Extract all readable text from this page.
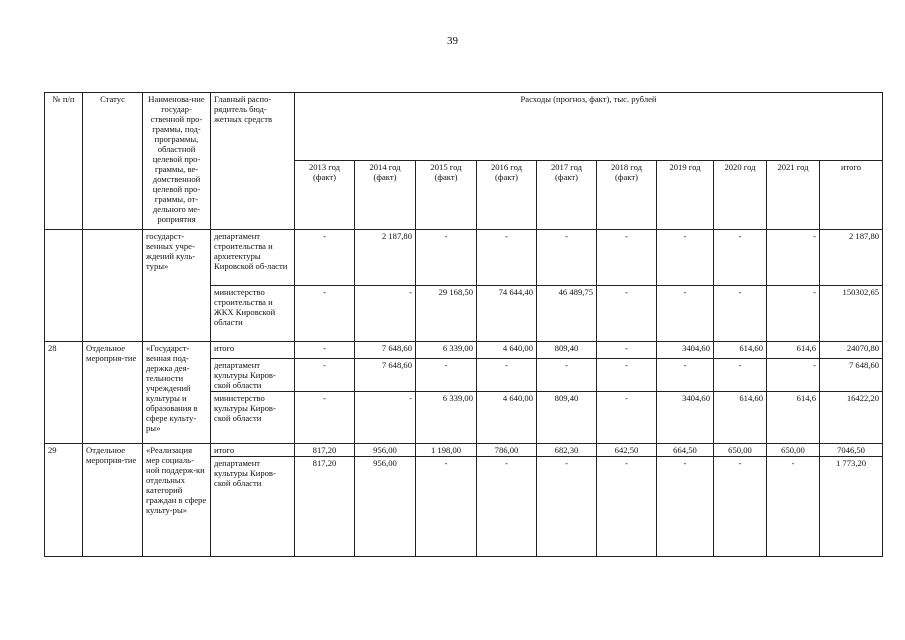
39
№ п/п	Статус	Наименова-ние государ-ственной про-граммы, под-программы, областной целевой про-граммы, ве-домственной целевой про-граммы, от-дельного ме-роприятия	Главный распо-рядитель бюд-жетных средств	Расходы (прогноз, факт), тыс. рублей									
				2013 год (факт)	2014 год (факт)	2015 год (факт)	2016 год (факт)	2017 год (факт)	2018 год (факт)	2019 год	2020 год	2021 год	итого
		государст-венных учре-ждений куль-туры»	департамент строительства и архитектуры Кировской об-ласти	-	2 187,80	-	-	-	-	-	-	-	2 187,80
			министерство строительства и ЖКХ Кировской области	-	-	29 168,50	74 644,40	46 489,75	-	-	-	-	150302,65
28	Отдельное меропрня-тие	«Государст-венная под-держка дея-тельности учреждений культуры и образования в сфере культу-ры»	итого	-	7 648,60	6 339,00	4 640,00	809,40	-	3404,60	614,60	614,6	24070,80
			департамент культуры Киров-ской области	-	7 648,60	-	-	-	-	-	-	-	7 648,60
			министерство культуры Киров-ской области	-	-	6 339,00	4 640,00	809,40	-	3404,60	614,60	614,6	16422,20
29	Отдельное меропрня-тие	«Реализация мер социаль-ной поддерж-ки отдельных категорий граждан в сфере культу-ры»	итого	817,20	956,00	1 198,00	786,00	682,30	642,50	664,50	650,00	650,00	7046,50
			департамент культуры Киров-ской области	817,20	956,00	-	-	-	-	-	-	-	1 773,20
